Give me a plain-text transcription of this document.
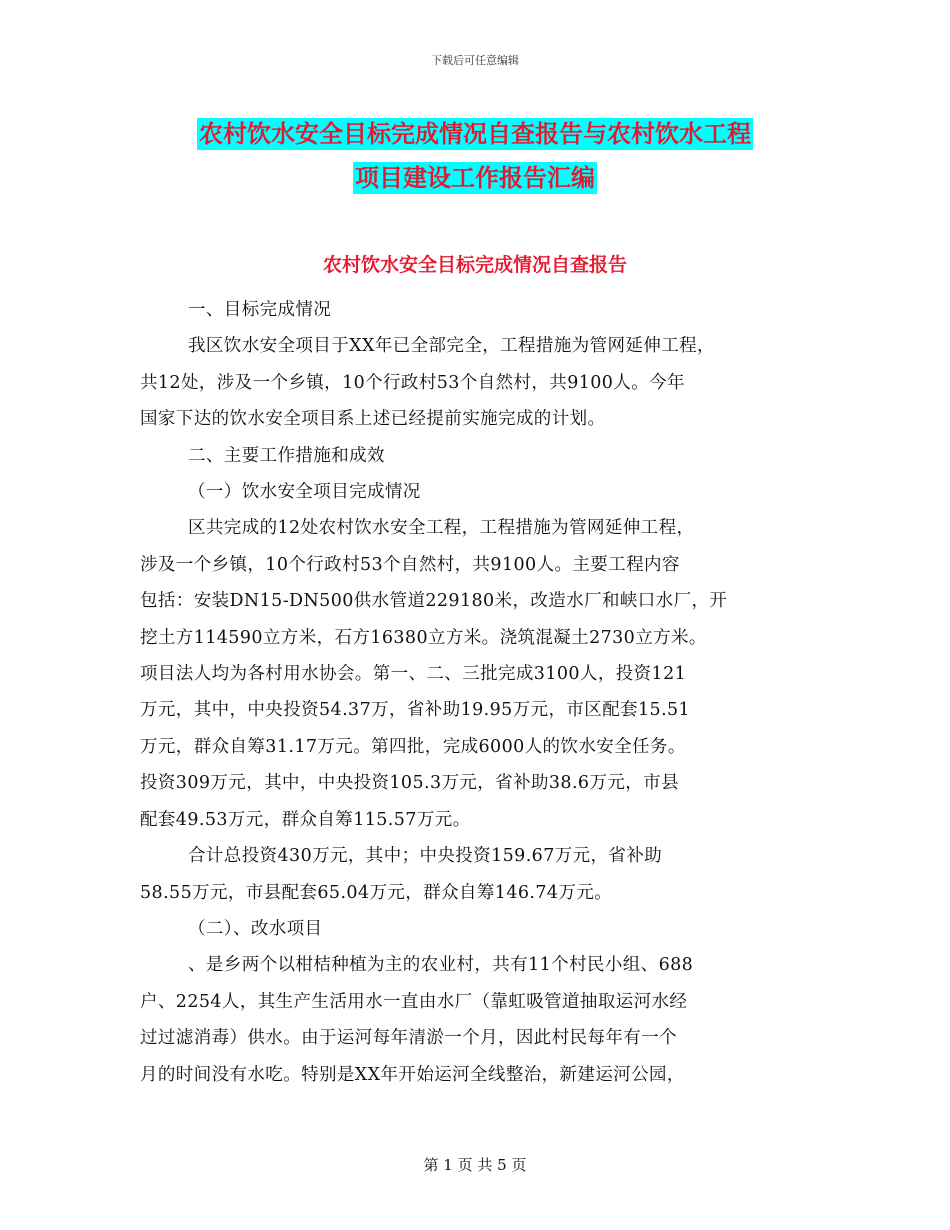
下载后可任意编辑
农村饮水安全目标完成情况自查报告与农村饮水工程
项目建设工作报告汇编
农村饮水安全目标完成情况自查报告
一、目标完成情况
我区饮水安全项目于XX年已全部完全，工程措施为管网延伸工程，
共12处，涉及一个乡镇，10个行政村53个自然村，共9100人。今年
国家下达的饮水安全项目系上述已经提前实施完成的计划。
二、主要工作措施和成效
（一）饮水安全项目完成情况
区共完成的12处农村饮水安全工程，工程措施为管网延伸工程，
涉及一个乡镇，10个行政村53个自然村，共9100人。主要工程内容
包括：安装DN15-DN500供水管道229180米，改造水厂和峡口水厂，开
挖土方114590立方米，石方16380立方米。浇筑混凝土2730立方米。
项目法人均为各村用水协会。第一、二、三批完成3100人，投资121
万元，其中，中央投资54.37万，省补助19.95万元，市区配套15.51
万元，群众自筹31.17万元。第四批，完成6000人的饮水安全任务。
投资309万元，其中，中央投资105.3万元，省补助38.6万元，市县
配套49.53万元，群众自筹115.57万元。
合计总投资430万元，其中；中央投资159.67万元，省补助
58.55万元，市县配套65.04万元，群众自筹146.74万元。
（二）、改水项目
、是乡两个以柑桔种植为主的农业村，共有11个村民小组、688
户、2254人，其生产生活用水一直由水厂（靠虹吸管道抽取运河水经
过过滤消毒）供水。由于运河每年清淤一个月，因此村民每年有一个
月的时间没有水吃。特别是XX年开始运河全线整治，新建运河公园，
第 1 页 共 5 页
